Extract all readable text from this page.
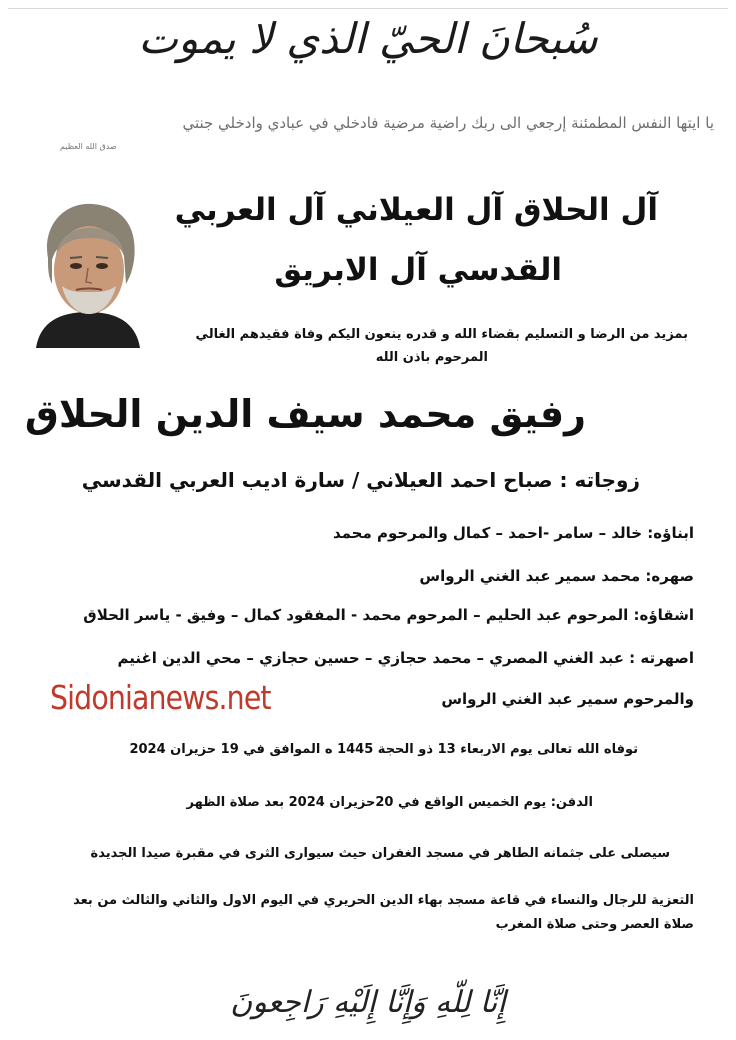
سُبحانَ الحيّ الذي لا يموت
يا ايتها النفس المطمئنة إرجعي الى ربك راضية مرضية فادخلي في عبادي وادخلي جنتي
صدق الله العظيم
آل الحلاق آل العيلاني آل العربي
القدسي آل الابريق
بمزيد من الرضا و التسليم بقضاء الله و قدره ينعون اليكم وفاة فقيدهم الغالي
المرحوم باذن الله
رفيق محمد سيف الدين الحلاق
زوجاته : صباح احمد العيلاني / سارة اديب العربي القدسي
ابناؤه: خالد – سامر -احمد – كمال والمرحوم محمد
صهره: محمد سمير عبد الغني الرواس
اشقاؤه: المرحوم عبد الحليم – المرحوم محمد - المفقود كمال – وفيق - ياسر الحلاق
اصهرته : عبد الغني المصري – محمد حجازي – حسين حجازي – محي الدين اغنيم
والمرحوم سمير عبد الغني الرواس
Sidonianews.net
توفاه الله تعالى يوم الاربعاء 13 ذو الحجة 1445 ه الموافق في 19 حزيران 2024
الدفن: يوم الخميس الواقع في 20حزيران 2024 بعد صلاة الظهر
سيصلى على جثمانه الطاهر في مسجد الغفران حيث سيوارى الثرى في مقبرة صيدا الجديدة
التعزية للرجال والنساء في قاعة مسجد بهاء الدين الحريري في اليوم الاول والثاني والثالث من بعد
صلاة العصر وحتى صلاة المغرب
إِنَّا لِلّهِ وَإِنَّا إِلَيْهِ رَاجِعونَ
